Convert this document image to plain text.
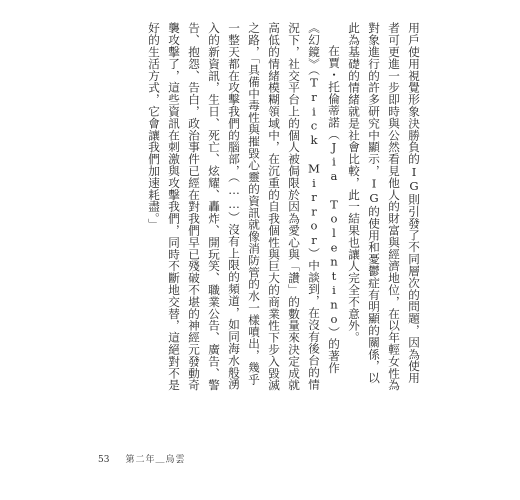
用戶使用視覺形象決勝負的IG則引發了不同層次的問題，因為使用者可更進一步即時與公然看見他人的財富與經濟地位，在以年輕女性為對象進行的許多研究中顯示，IG的使用和憂鬱症有明顯的關係，以此為基礎的情緒就是社會比較，此一結果也讓人完全不意外。

在賈・托倫蒂諾（Jia Tolentino）的著作《幻鏡》（Trick Mirror）中談到，在沒有後台的情況下，社交平台上的個人被侷限於因為愛心與「讚」的數量來決定成就高低的情緒模糊領域中，在沉重的自我個性與巨大的商業性下步入毀滅之路，「具備中毒性與摧毀心靈的資訊就像消防管的水一樣噴出，幾乎一整天都在攻擊我們的腦部，（……）沒有上限的頻道，如同海水般湧入的新資訊，生日、死亡、炫耀、轟炸、開玩笑、職業公告、廣告、警告、抱怨、告白，政治事件已經在對我們早已殘破不堪的神經元發動奇襲攻擊了，這些資訊在刺激與攻擊我們，同時不斷地交替，這絕對不是好的生活方式，它會讓我們加速耗盡。」

53 第二年＿烏雲
